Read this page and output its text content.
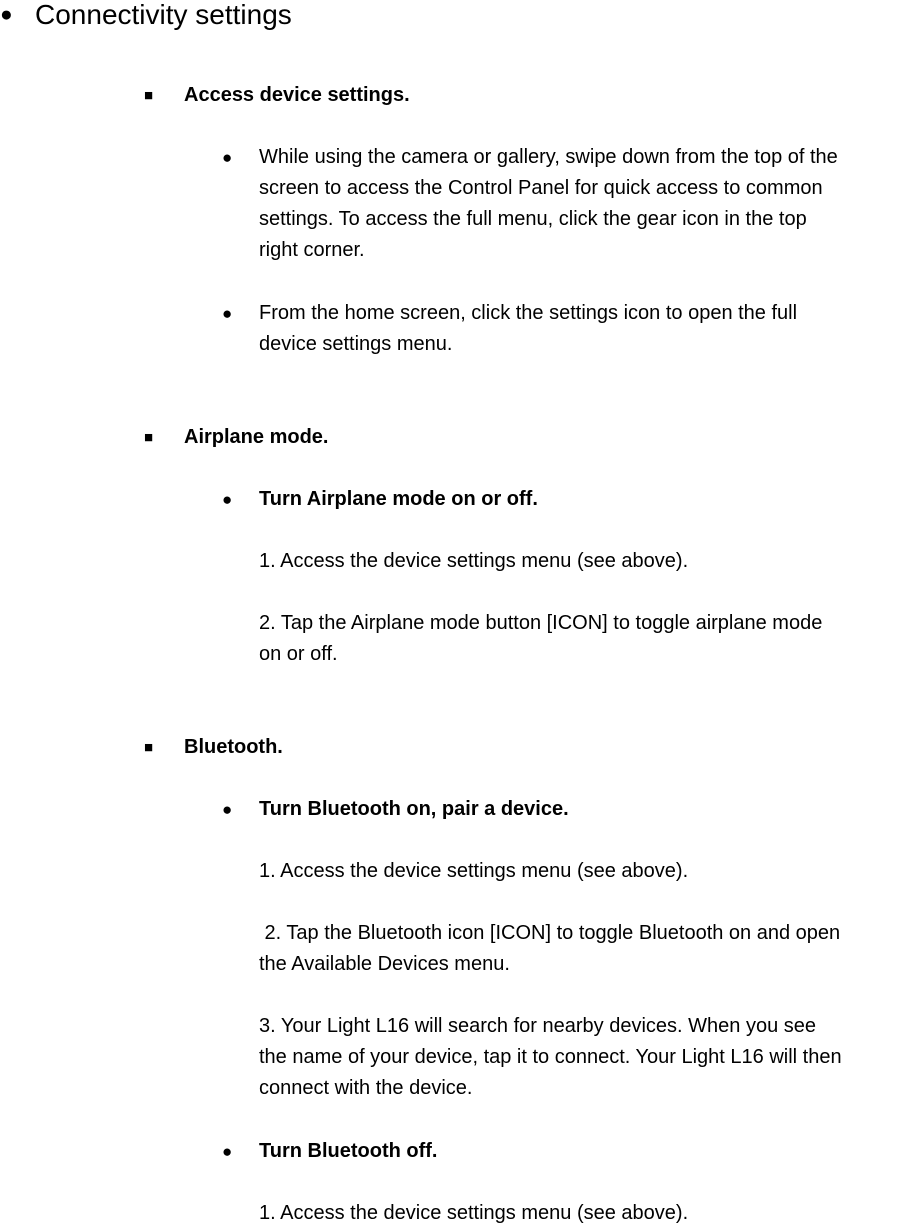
● Connectivity settings
■ Access device settings.
● While using the camera or gallery, swipe down from the top of the
screen to access the Control Panel for quick access to common
settings. To access the full menu, click the gear icon in the top
right corner.
● From the home screen, click the settings icon to open the full
device settings menu.
■ Airplane mode.
● Turn Airplane mode on or off.
1. Access the device settings menu (see above).
2. Tap the Airplane mode button [ICON] to toggle airplane mode
on or off.
■ Bluetooth.
● Turn Bluetooth on, pair a device.
1. Access the device settings menu (see above).
2. Tap the Bluetooth icon [ICON] to toggle Bluetooth on and open
the Available Devices menu.
3. Your Light L16 will search for nearby devices. When you see
the name of your device, tap it to connect. Your Light L16 will then
connect with the device.
● Turn Bluetooth off.
1. Access the device settings menu (see above).
